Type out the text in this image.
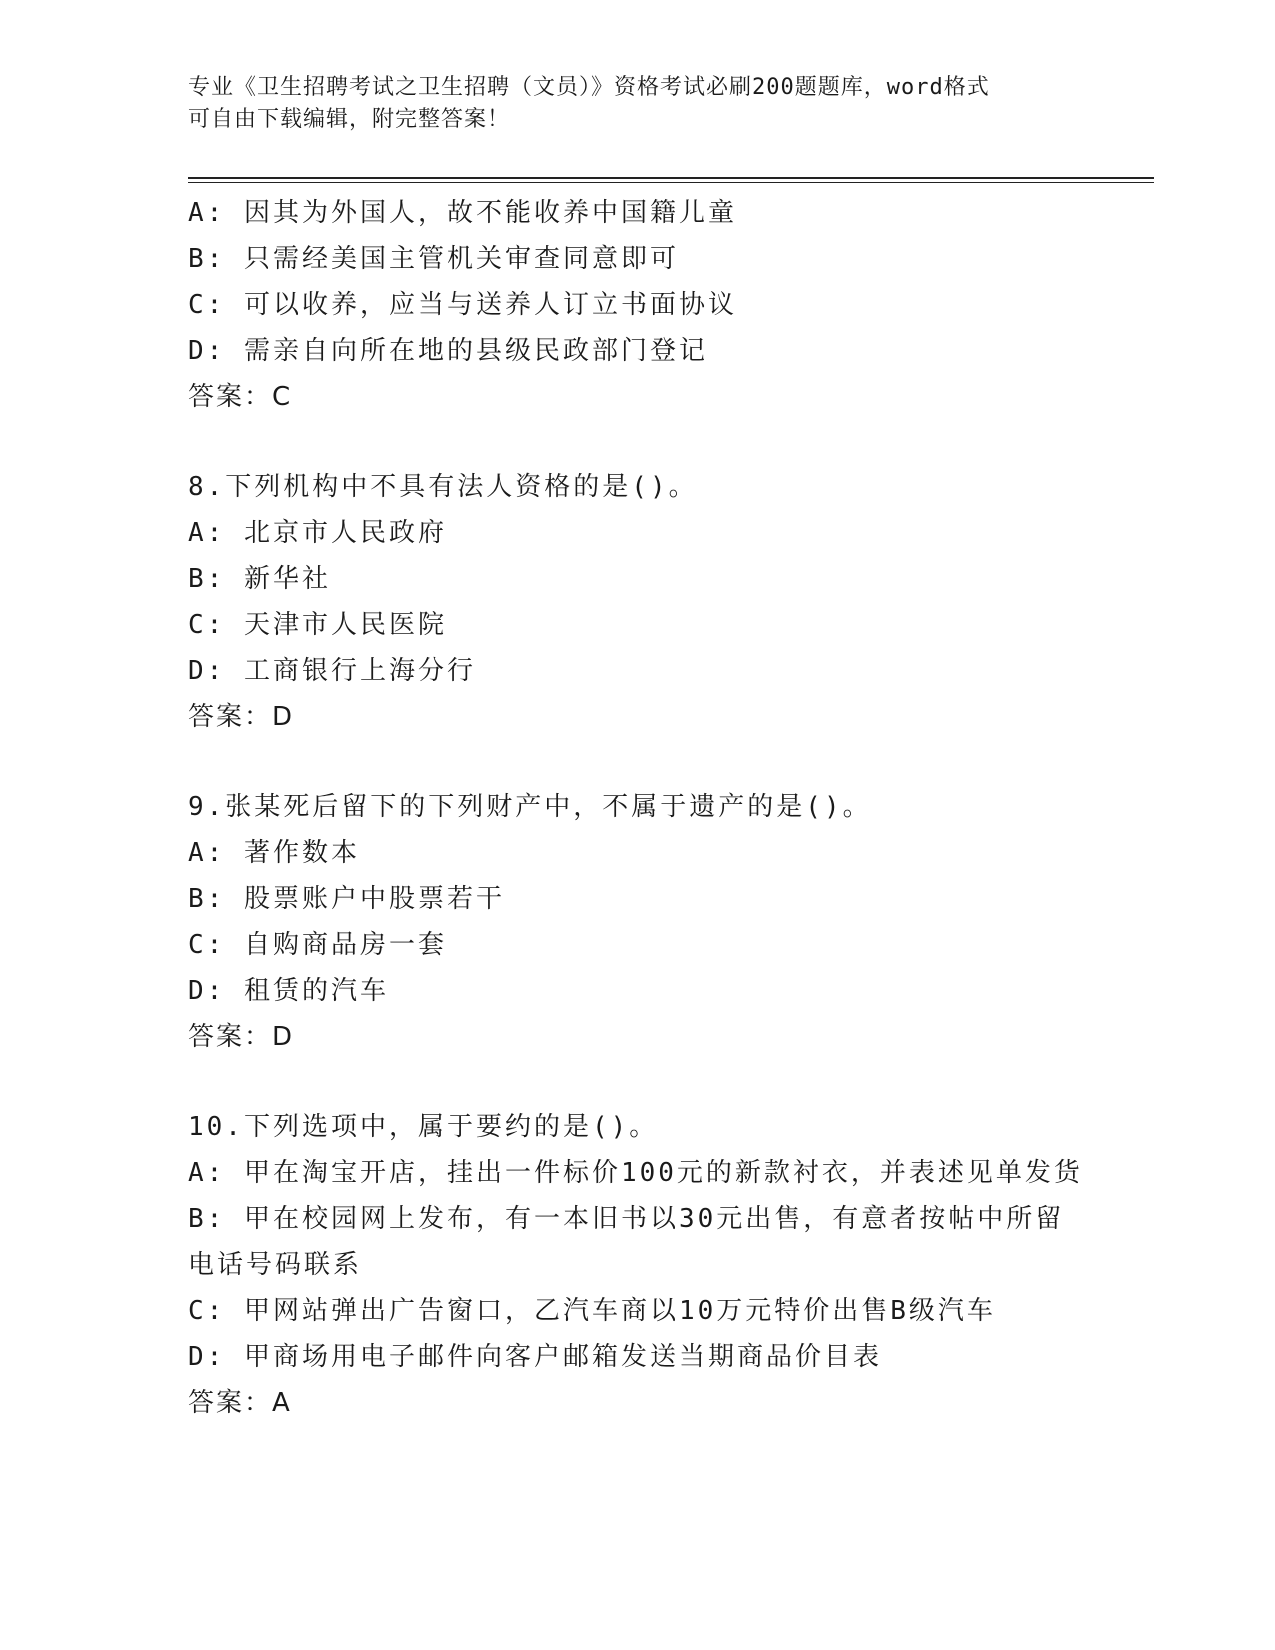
专业《卫生招聘考试之卫生招聘（文员）》资格考试必刷200题题库，word格式
可自由下载编辑，附完整答案！
A: 因其为外国人，故不能收养中国籍儿童
B: 只需经美国主管机关审查同意即可
C: 可以收养，应当与送养人订立书面协议
D: 需亲自向所在地的县级民政部门登记
答案：C
8.下列机构中不具有法人资格的是()。
A: 北京市人民政府
B: 新华社
C: 天津市人民医院
D: 工商银行上海分行
答案：D
9.张某死后留下的下列财产中，不属于遗产的是()。
A: 著作数本
B: 股票账户中股票若干
C: 自购商品房一套
D: 租赁的汽车
答案：D
10.下列选项中，属于要约的是()。
A: 甲在淘宝开店，挂出一件标价100元的新款衬衣，并表述见单发货
B: 甲在校园网上发布，有一本旧书以30元出售，有意者按帖中所留
电话号码联系
C: 甲网站弹出广告窗口，乙汽车商以10万元特价出售B级汽车
D: 甲商场用电子邮件向客户邮箱发送当期商品价目表
答案：A
